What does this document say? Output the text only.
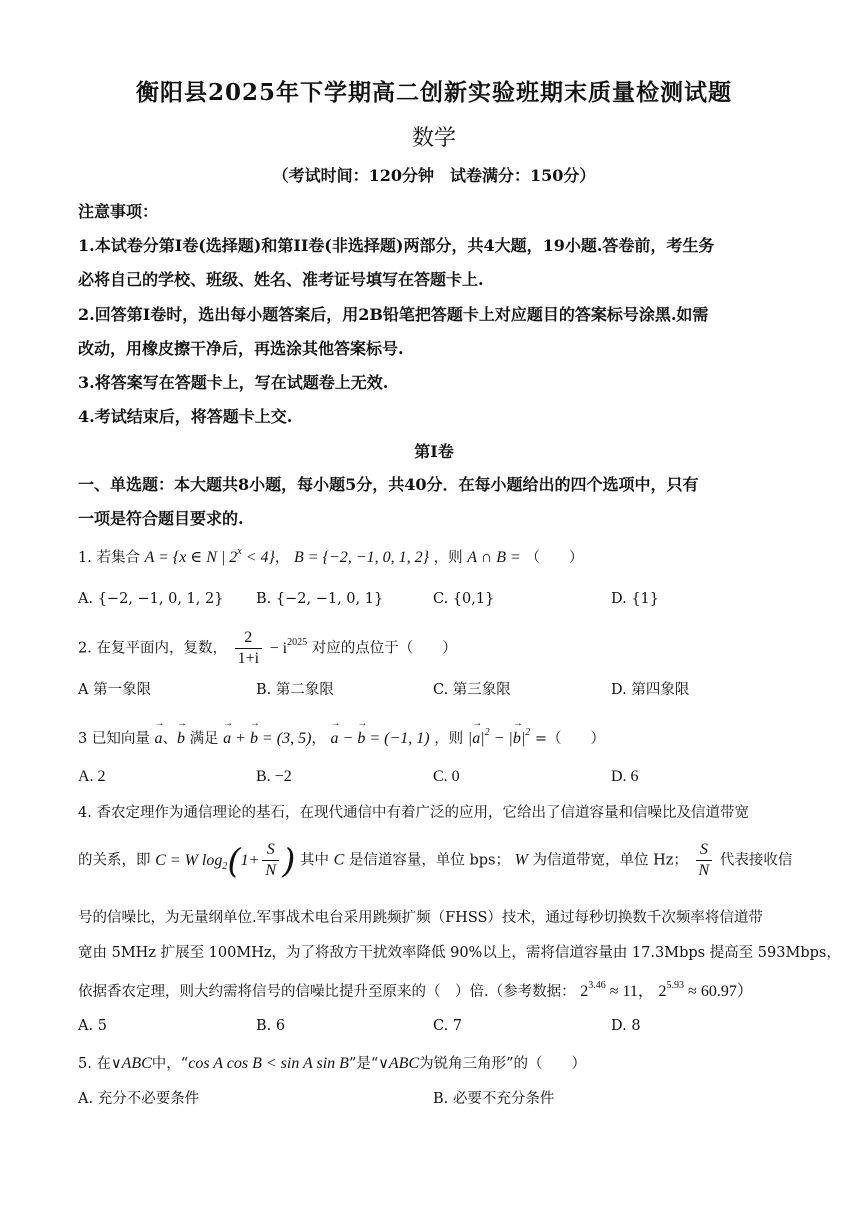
衡阳县2025年下学期高二创新实验班期末质量检测试题
数学
（考试时间：120分钟　试卷满分：150分）
注意事项：
1.本试卷分第I卷(选择题)和第II卷(非选择题)两部分，共4大题，19小题.答卷前，考生务
必将自己的学校、班级、姓名、准考证号填写在答题卡上.
2.回答第I卷时，选出每小题答案后，用2B铅笔把答题卡上对应题目的答案标号涂黑.如需
改动，用橡皮擦干净后，再选涂其他答案标号.
3.将答案写在答题卡上，写在试题卷上无效.
4.考试结束后，将答题卡上交.
第I卷
一、单选题：本大题共8小题，每小题5分，共40分．在每小题给出的四个选项中，只有
一项是符合题目要求的.
1. 若集合 A = {x ∈ N | $2^x < 4$}， B = {−2, −1, 0, 1, 2} ，则 A ∩ B = （　　）
A. {−2, −1, 0, 1, 2} B. {−2, −1, 0, 1}	C. {0,1}	D. {1}
2. 在复平面内，复数， $\frac{2}{1+i} - i^{2025}$ 对应的点位于（　　）
A 第一象限	B. 第二象限	C. 第三象限	D. 第四象限
3 已知向量 → a、→ b 满足 → a + → b = (3, 5)， → a − → b = (−1, 1) ，则 |→ $a|^2$ − |→ $b|^2$ =（　　）
A. 2	B. −2	C. 0	D. 6
4. 香农定理作为通信理论的基石，在现代通信中有着广泛的应用，它给出了信道容量和信噪比及信道带宽
的关系，即 C = W $\log_2(1+ \frac{S}{N}$ ) 其中 C 是信道容量，单位 bps； W 为信道带宽，单位 Hz； $\frac{S}{N}$ 代表接收信
号的信噪比，为无量纲单位.军事战术电台采用跳频扩频（FHSS）技术，通过每秒切换数千次频率将信道带
宽由 5MHz 扩展至 100MHz，为了将敌方干扰效率降低 90%以上，需将信道容量由 17.3Mbps 提高至 593Mbps，
依据香农定理，则大约需将信号的信噪比提升至原来的（　）倍.（参考数据： $2^{3.46} \approx 11$， $2^{5.93} \approx 60.97$）
A. 5	B. 6	C. 7	D. 8
5. 在∨ABC中，“cos A cos B < sin A sin B”是“∨ABC为锐角三角形”的（　　）
A. 充分不必要条件	B. 必要不充分条件
